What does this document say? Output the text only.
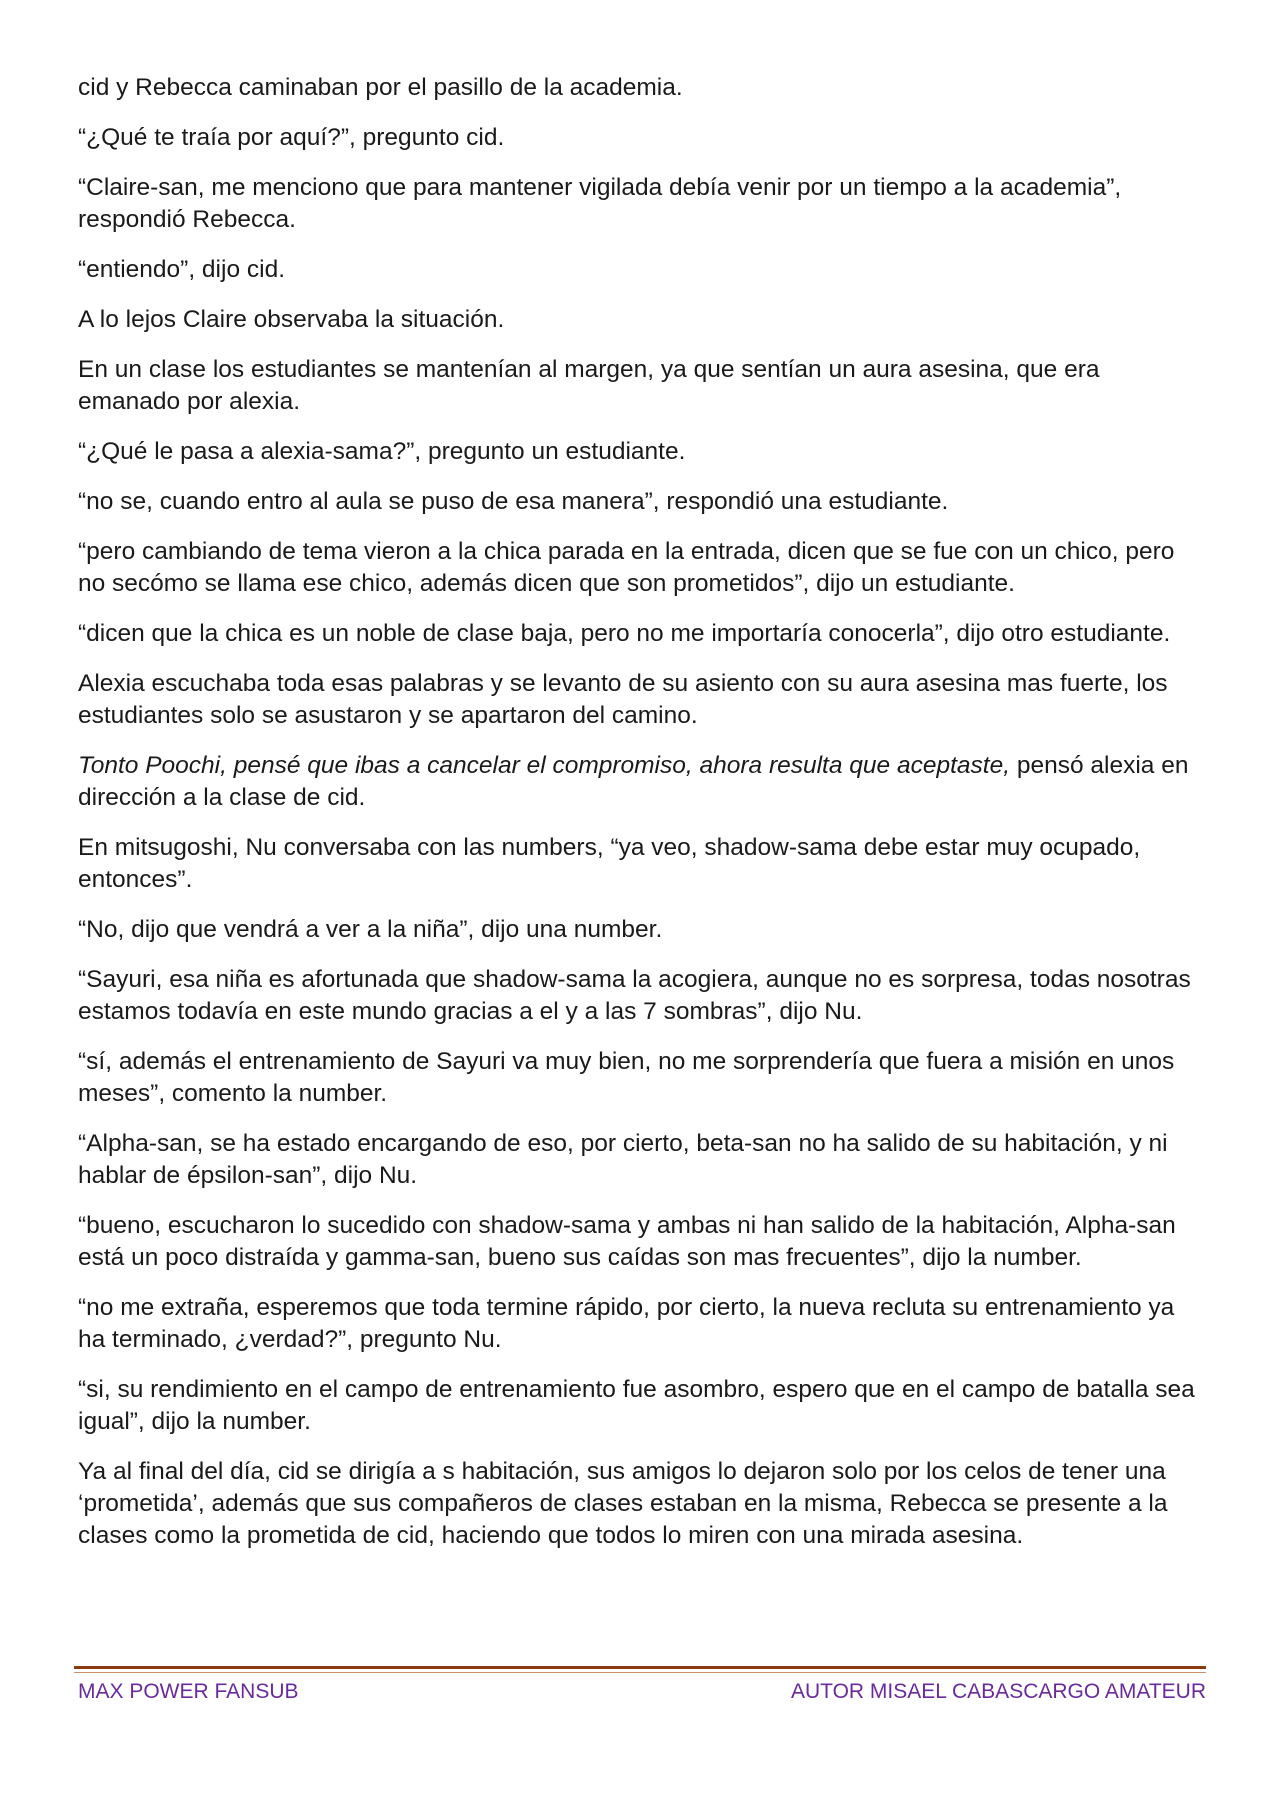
cid y Rebecca caminaban por el pasillo de la academia.

“¿Qué te traía por aquí?”, pregunto cid.

“Claire-san, me menciono que para mantener vigilada debía venir por un tiempo a la academia”, respondió Rebecca.

“entiendo”, dijo cid.

A lo lejos Claire observaba la situación.

En un clase los estudiantes se mantenían al margen, ya que sentían un aura asesina, que era emanado por alexia.

“¿Qué le pasa a alexia-sama?”, pregunto un estudiante.

“no se, cuando entro al aula se puso de esa manera”, respondió una estudiante.

“pero cambiando de tema vieron a la chica parada en la entrada, dicen que se fue con un chico, pero no secómo se llama ese chico, además dicen que son prometidos”, dijo un estudiante.

“dicen que la chica es un noble de clase baja, pero no me importaría conocerla”, dijo otro estudiante.

Alexia escuchaba toda esas palabras y se levanto de su asiento con su aura asesina mas fuerte, los estudiantes solo se asustaron y se apartaron del camino.

Tonto Poochi, pensé que ibas a cancelar el compromiso, ahora resulta que aceptaste, pensó alexia en dirección a la clase de cid.

En mitsugoshi, Nu conversaba con las numbers, “ya veo, shadow-sama debe estar muy ocupado, entonces”.

“No, dijo que vendrá a ver a la niña”, dijo una number.

“Sayuri, esa niña es afortunada que shadow-sama la acogiera, aunque no es sorpresa, todas nosotras estamos todavía en este mundo gracias a el y a las 7 sombras”, dijo Nu.

“sí, además el entrenamiento de Sayuri va muy bien, no me sorprendería que fuera a misión en unos meses”, comento la number.

“Alpha-san, se ha estado encargando de eso, por cierto, beta-san no ha salido de su habitación, y ni hablar de épsilon-san”, dijo Nu.

“bueno, escucharon lo sucedido con shadow-sama y ambas ni han salido de la habitación, Alpha-san está un poco distraída y gamma-san, bueno sus caídas son mas frecuentes”, dijo la number.

“no me extraña, esperemos que toda termine rápido, por cierto, la nueva recluta su entrenamiento ya ha terminado, ¿verdad?”, pregunto Nu.

“si, su rendimiento en el campo de entrenamiento fue asombro, espero que en el campo de batalla sea igual”, dijo la number.

Ya al final del día, cid se dirigía a s habitación, sus amigos lo dejaron solo por los celos de tener una ‘prometida’, además que sus compañeros de clases estaban en la misma, Rebecca se presente a la clases como la prometida de cid, haciendo que todos lo miren con una mirada asesina.

MAX POWER FANSUB	AUTOR MISAEL CABASCARGO AMATEUR
